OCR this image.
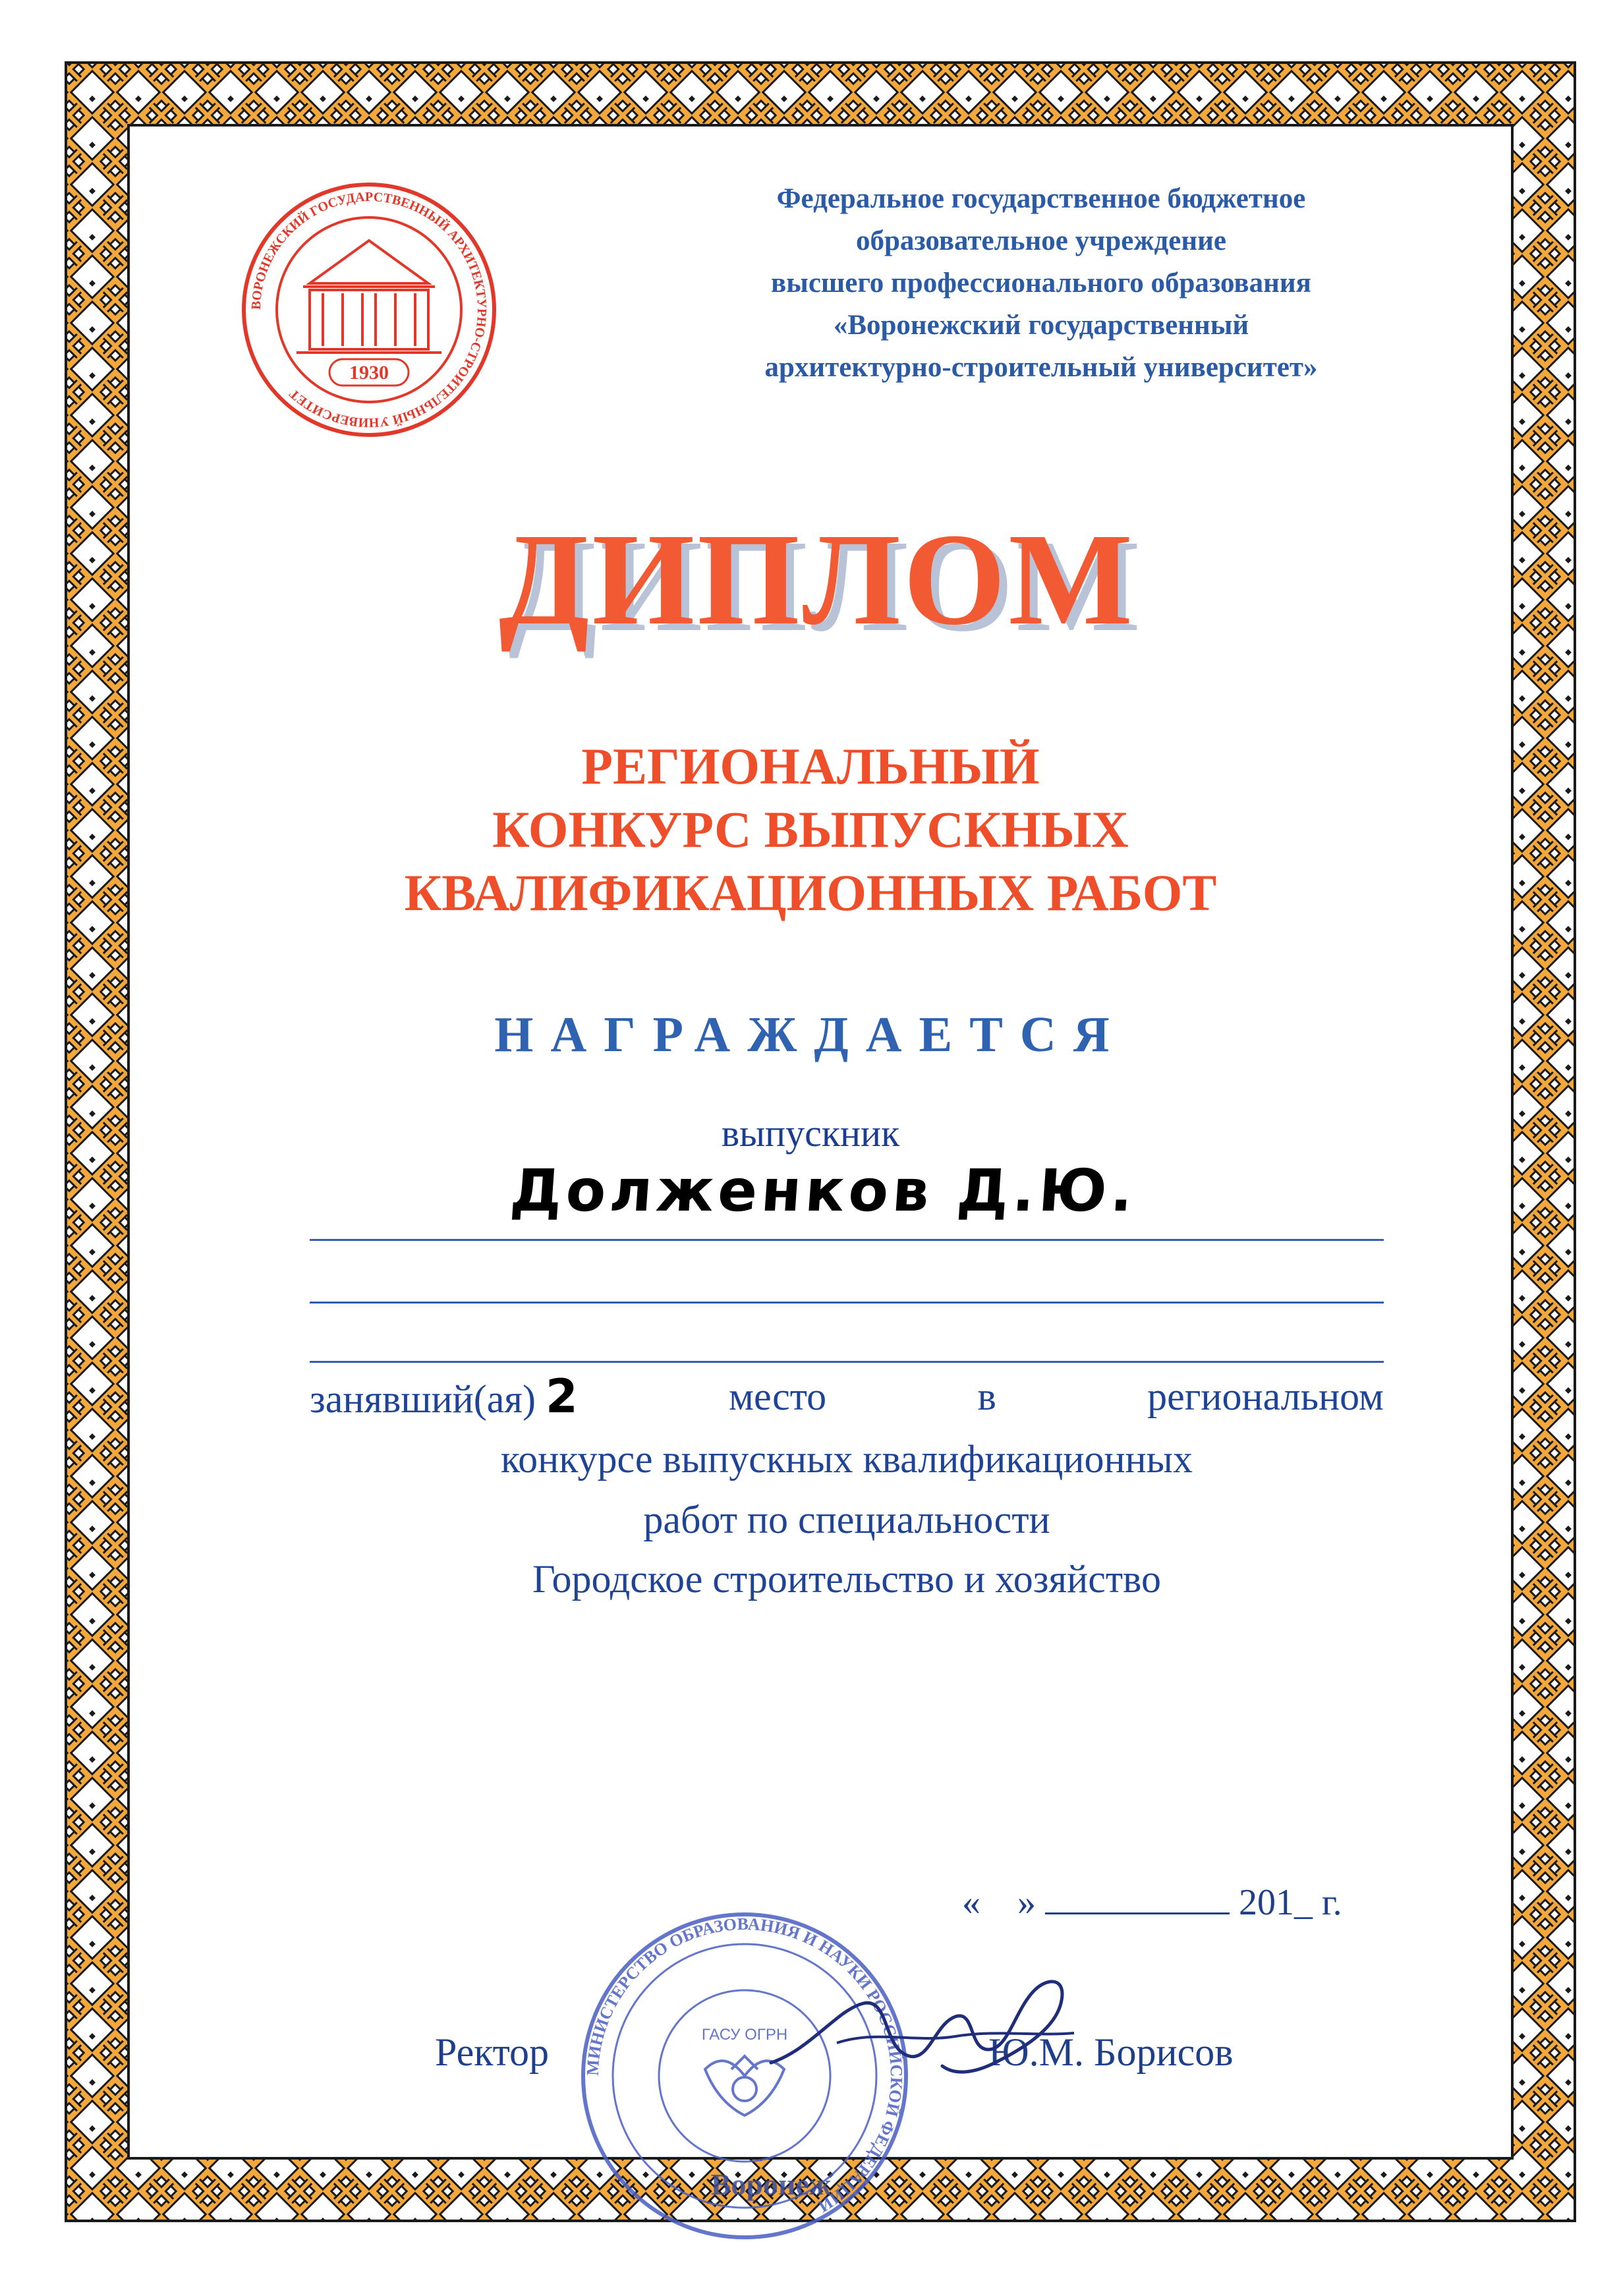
ВОРОНЕЖСКИЙ ГОСУДАРСТВЕННЫЙ АРХИТЕКТУРНО-СТРОИТЕЛЬНЫЙ УНИВЕРСИТЕТ
1930
Федеральное государственное бюджетное
образовательное учреждение
высшего профессионального образования
«Воронежский государственный
архитектурно-строительный университет»
ДИПЛОМ
РЕГИОНАЛЬНЫЙ
КОНКУРС ВЫПУСКНЫХ
КВАЛИФИКАЦИОННЫХ РАБОТ
НАГРАЖДАЕТСЯ
выпускник
Долженков Д.Ю.
занявший(ая) 2	место	в	региональном
конкурсе выпускных квалификационных
работ по специальности
Городское строительство и хозяйство
« »	201_ г.
Ректор	Ю.М. Борисов
МИНИСТЕРСТВО ОБРАЗОВАНИЯ И НАУКИ РОССИЙСКОЙ ФЕДЕРАЦИИ
ГАСУ ОГРН
Воронеж
